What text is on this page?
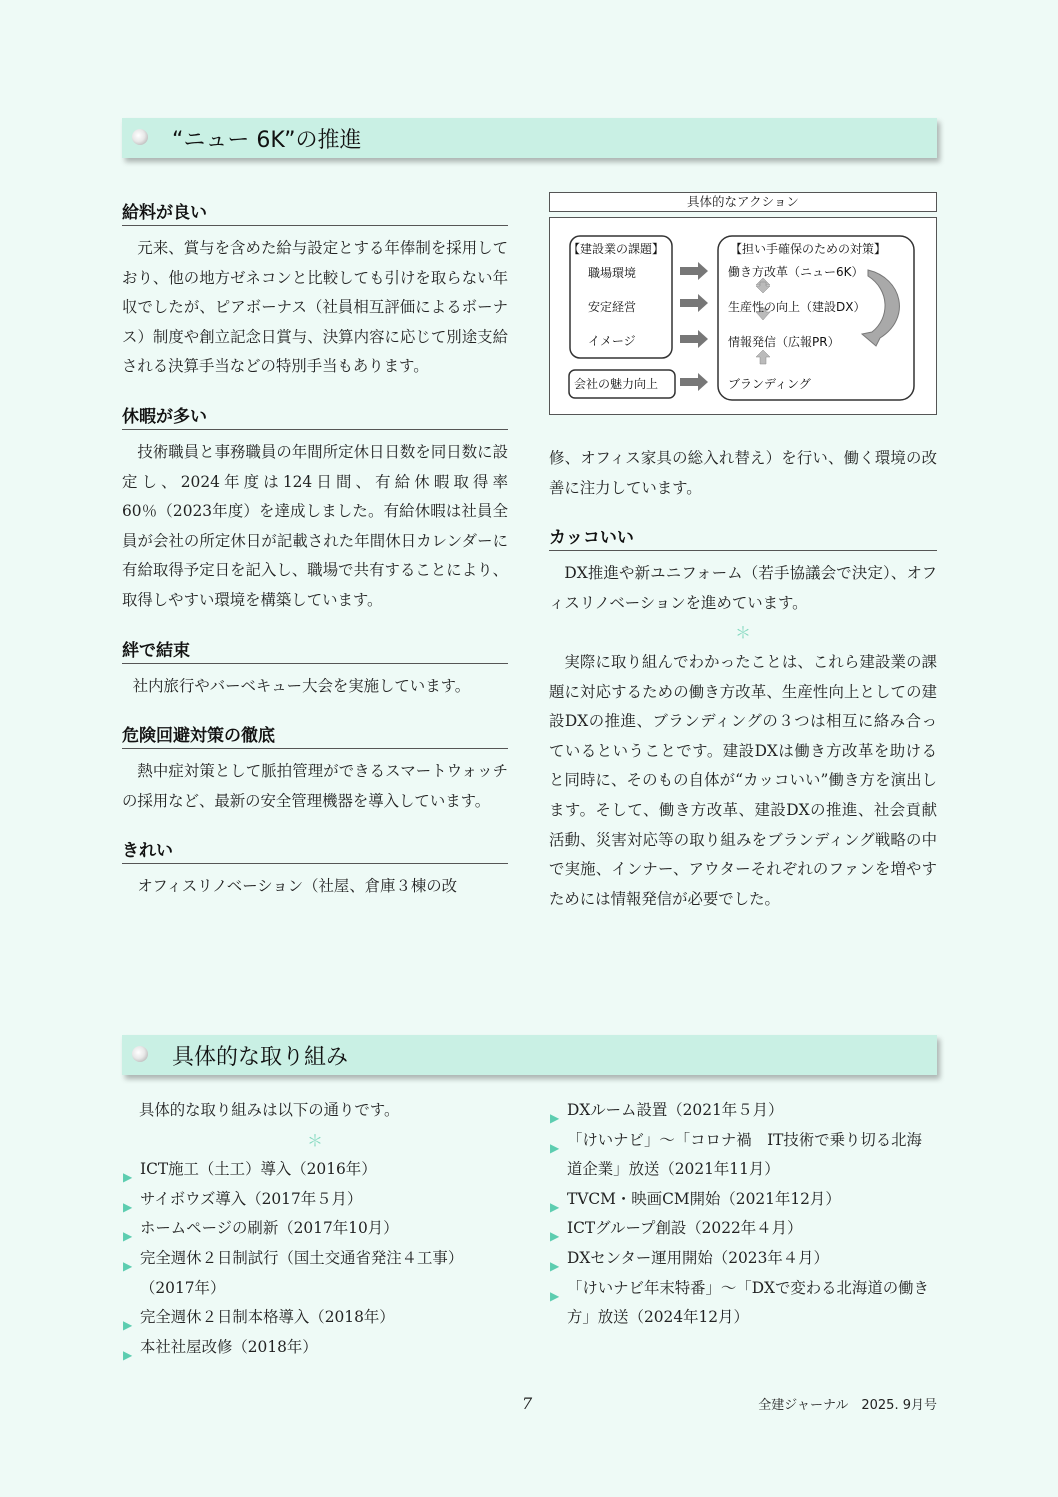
“ニュー 6K”の推進
給料が良い

元来、賞与を含めた給与設定とする年俸制を採用しており、他の地方ゼネコンと比較しても引けを取らない年収でしたが、ピアボーナス（社員相互評価によるボーナス）制度や創立記念日賞与、決算内容に応じて別途支給される決算手当などの特別手当もあります。

休暇が多い

技術職員と事務職員の年間所定休日日数を同日数に設定し、2024年度は124日間、有給休暇取得率60％（2023年度）を達成しました。有給休暇は社員全員が会社の所定休日が記載された年間休日カレンダーに有給取得予定日を記入し、職場で共有することにより、取得しやすい環境を構築しています。

絆で結束

社内旅行やバーベキュー大会を実施しています。

危険回避対策の徹底

熱中症対策として脈拍管理ができるスマートウォッチの採用など、最新の安全管理機器を導入しています。

きれい

オフィスリノベーション（社屋、倉庫３棟の改

具体的なアクション
【建設業の課題】
職場環境
安定経営
イメージ
会社の魅力向上
【担い手確保のための対策】
働き方改革（ニュー6K）
生産性の向上（建設DX）
情報発信（広報PR）
ブランディング

修、オフィス家具の総入れ替え）を行い、働く環境の改善に注力しています。

カッコいい

DX推進や新ユニフォーム（若手協議会で決定）、オフィスリノベーションを進めています。

＊

実際に取り組んでわかったことは、これら建設業の課題に対応するための働き方改革、生産性向上としての建設DXの推進、ブランディングの３つは相互に絡み合っているということです。建設DXは働き方改革を助けると同時に、そのもの自体が“カッコいい”働き方を演出します。そして、働き方改革、建設DXの推進、社会貢献活動、災害対応等の取り組みをブランディング戦略の中で実施、インナー、アウターそれぞれのファンを増やすためには情報発信が必要でした。

具体的な取り組み

具体的な取り組みは以下の通りです。

＊
▶ ICT施工（土工）導入（2016年）
▶ サイボウズ導入（2017年５月）
▶ ホームページの刷新（2017年10月）
▶ 完全週休２日制試行（国土交通省発注４工事）（2017年）
▶ 完全週休２日制本格導入（2018年）
▶ 本社社屋改修（2018年）
▶ DXルーム設置（2021年５月）
▶ 「けいナビ」～「コロナ禍　IT技術で乗り切る北海道企業」放送（2021年11月）
▶ TVCM・映画CM開始（2021年12月）
▶ ICTグループ創設（2022年４月）
▶ DXセンター運用開始（2023年４月）
▶ 「けいナビ年末特番」～「DXで変わる北海道の働き方」放送（2024年12月）
7	全建ジャーナル　2025. 9月号
